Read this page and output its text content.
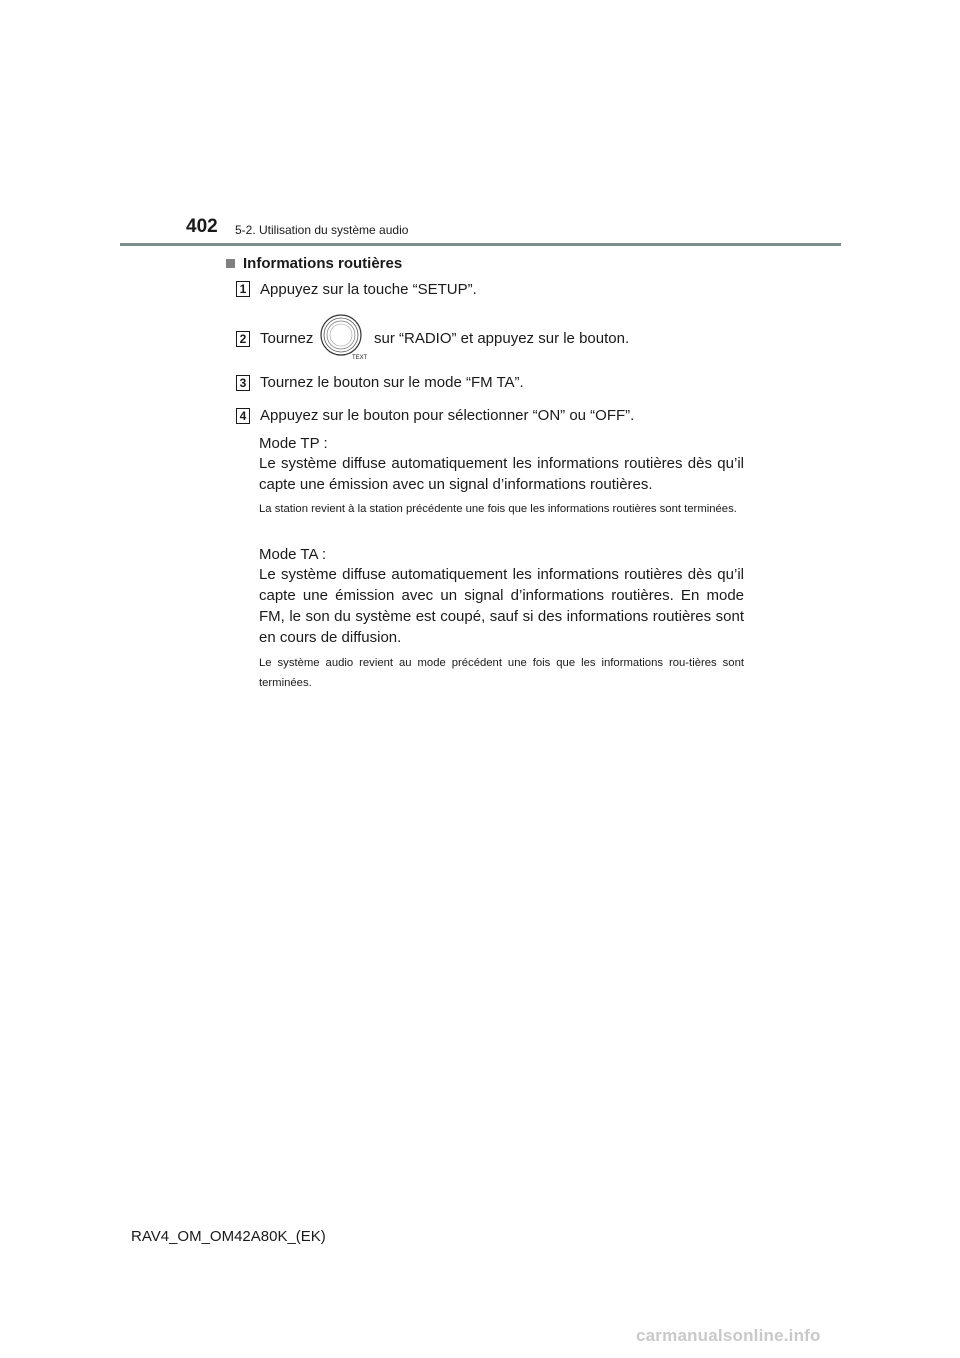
402 5-2. Utilisation du système audio
Informations routières
1 Appuyez sur la touche “SETUP”.
2 Tournez
TEXT
sur “RADIO” et appuyez sur le bouton.
3 Tournez le bouton sur le mode “FM TA”.
4 Appuyez sur le bouton pour sélectionner “ON” ou “OFF”.
Mode TP :
Le système diffuse automatiquement les informations routières dès qu’il capte une émission avec un signal d’informations routières.
La station revient à la station précédente une fois que les informations routières sont terminées.
Mode TA :
Le système diffuse automatiquement les informations routières dès qu’il capte une émission avec un signal d’informations routières. En mode FM, le son du système est coupé, sauf si des informations routières sont en cours de diffusion.
Le système audio revient au mode précédent une fois que les informations rou-tières sont terminées.
RAV4_OM_OM42A80K_(EK)
carmanualsonline.info
